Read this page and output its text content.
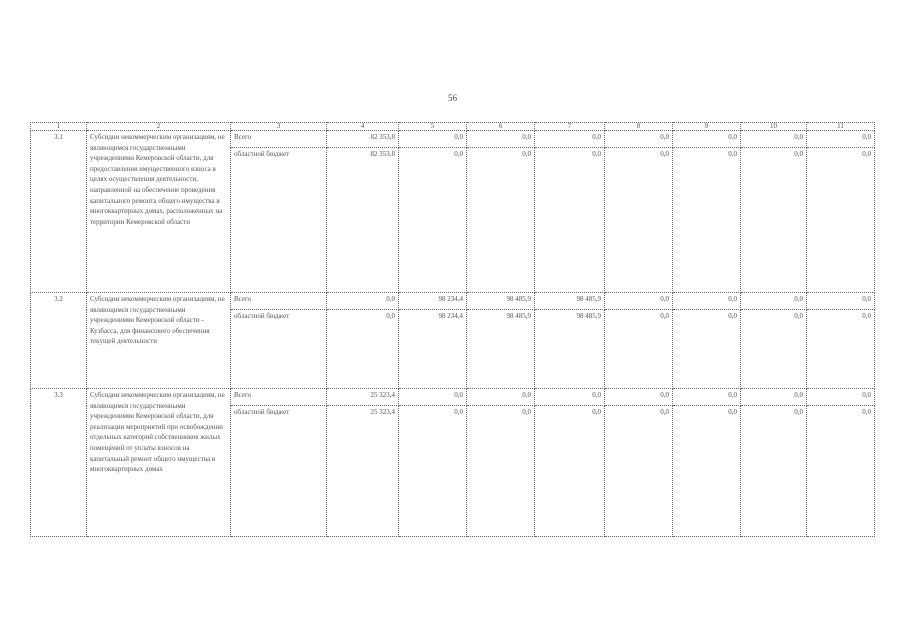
56
1	2	3	4	5	6	7	8	9	10	11
3.1	Субсидии некоммерческим организациям, не являющимся государственными учреждениями Кемеровской области, для предоставления имущественного взноса в целях осуществления деятельности, направленной на обеспечение проведения капитального ремонта общего имущества в многоквартирных домах, расположенных на территории Кемеровской области	Всего	82 353,8	0,0	0,0	0,0	0,0	0,0	0,0	0,0
		областной бюджет	82 353,8	0,0	0,0	0,0	0,0	0,0	0,0	0,0
3.2	Субсидии некоммерческим организациям, не являющимся государственными учреждениями Кемеровской области - Кузбасса, для финансового обеспечения текущей деятельности	Всего	0,0	98 234,4	98 485,9	98 485,9	0,0	0,0	0,0	0,0
		областной бюджет	0,0	98 234,4	98 485,9	98 485,9	0,0	0,0	0,0	0,0
3.3	Субсидии некоммерческим организациям, не являющимся государственными учреждениями Кемеровской области, для реализации мероприятий при освобождении отдельных категорий собственников жилых помещений от уплаты взносов на капитальный ремонт общего имущества в многоквартирных домах	Всего	25 323,4	0,0	0,0	0,0	0,0	0,0	0,0	0,0
		областной бюджет	25 323,4	0,0	0,0	0,0	0,0	0,0	0,0	0,0
